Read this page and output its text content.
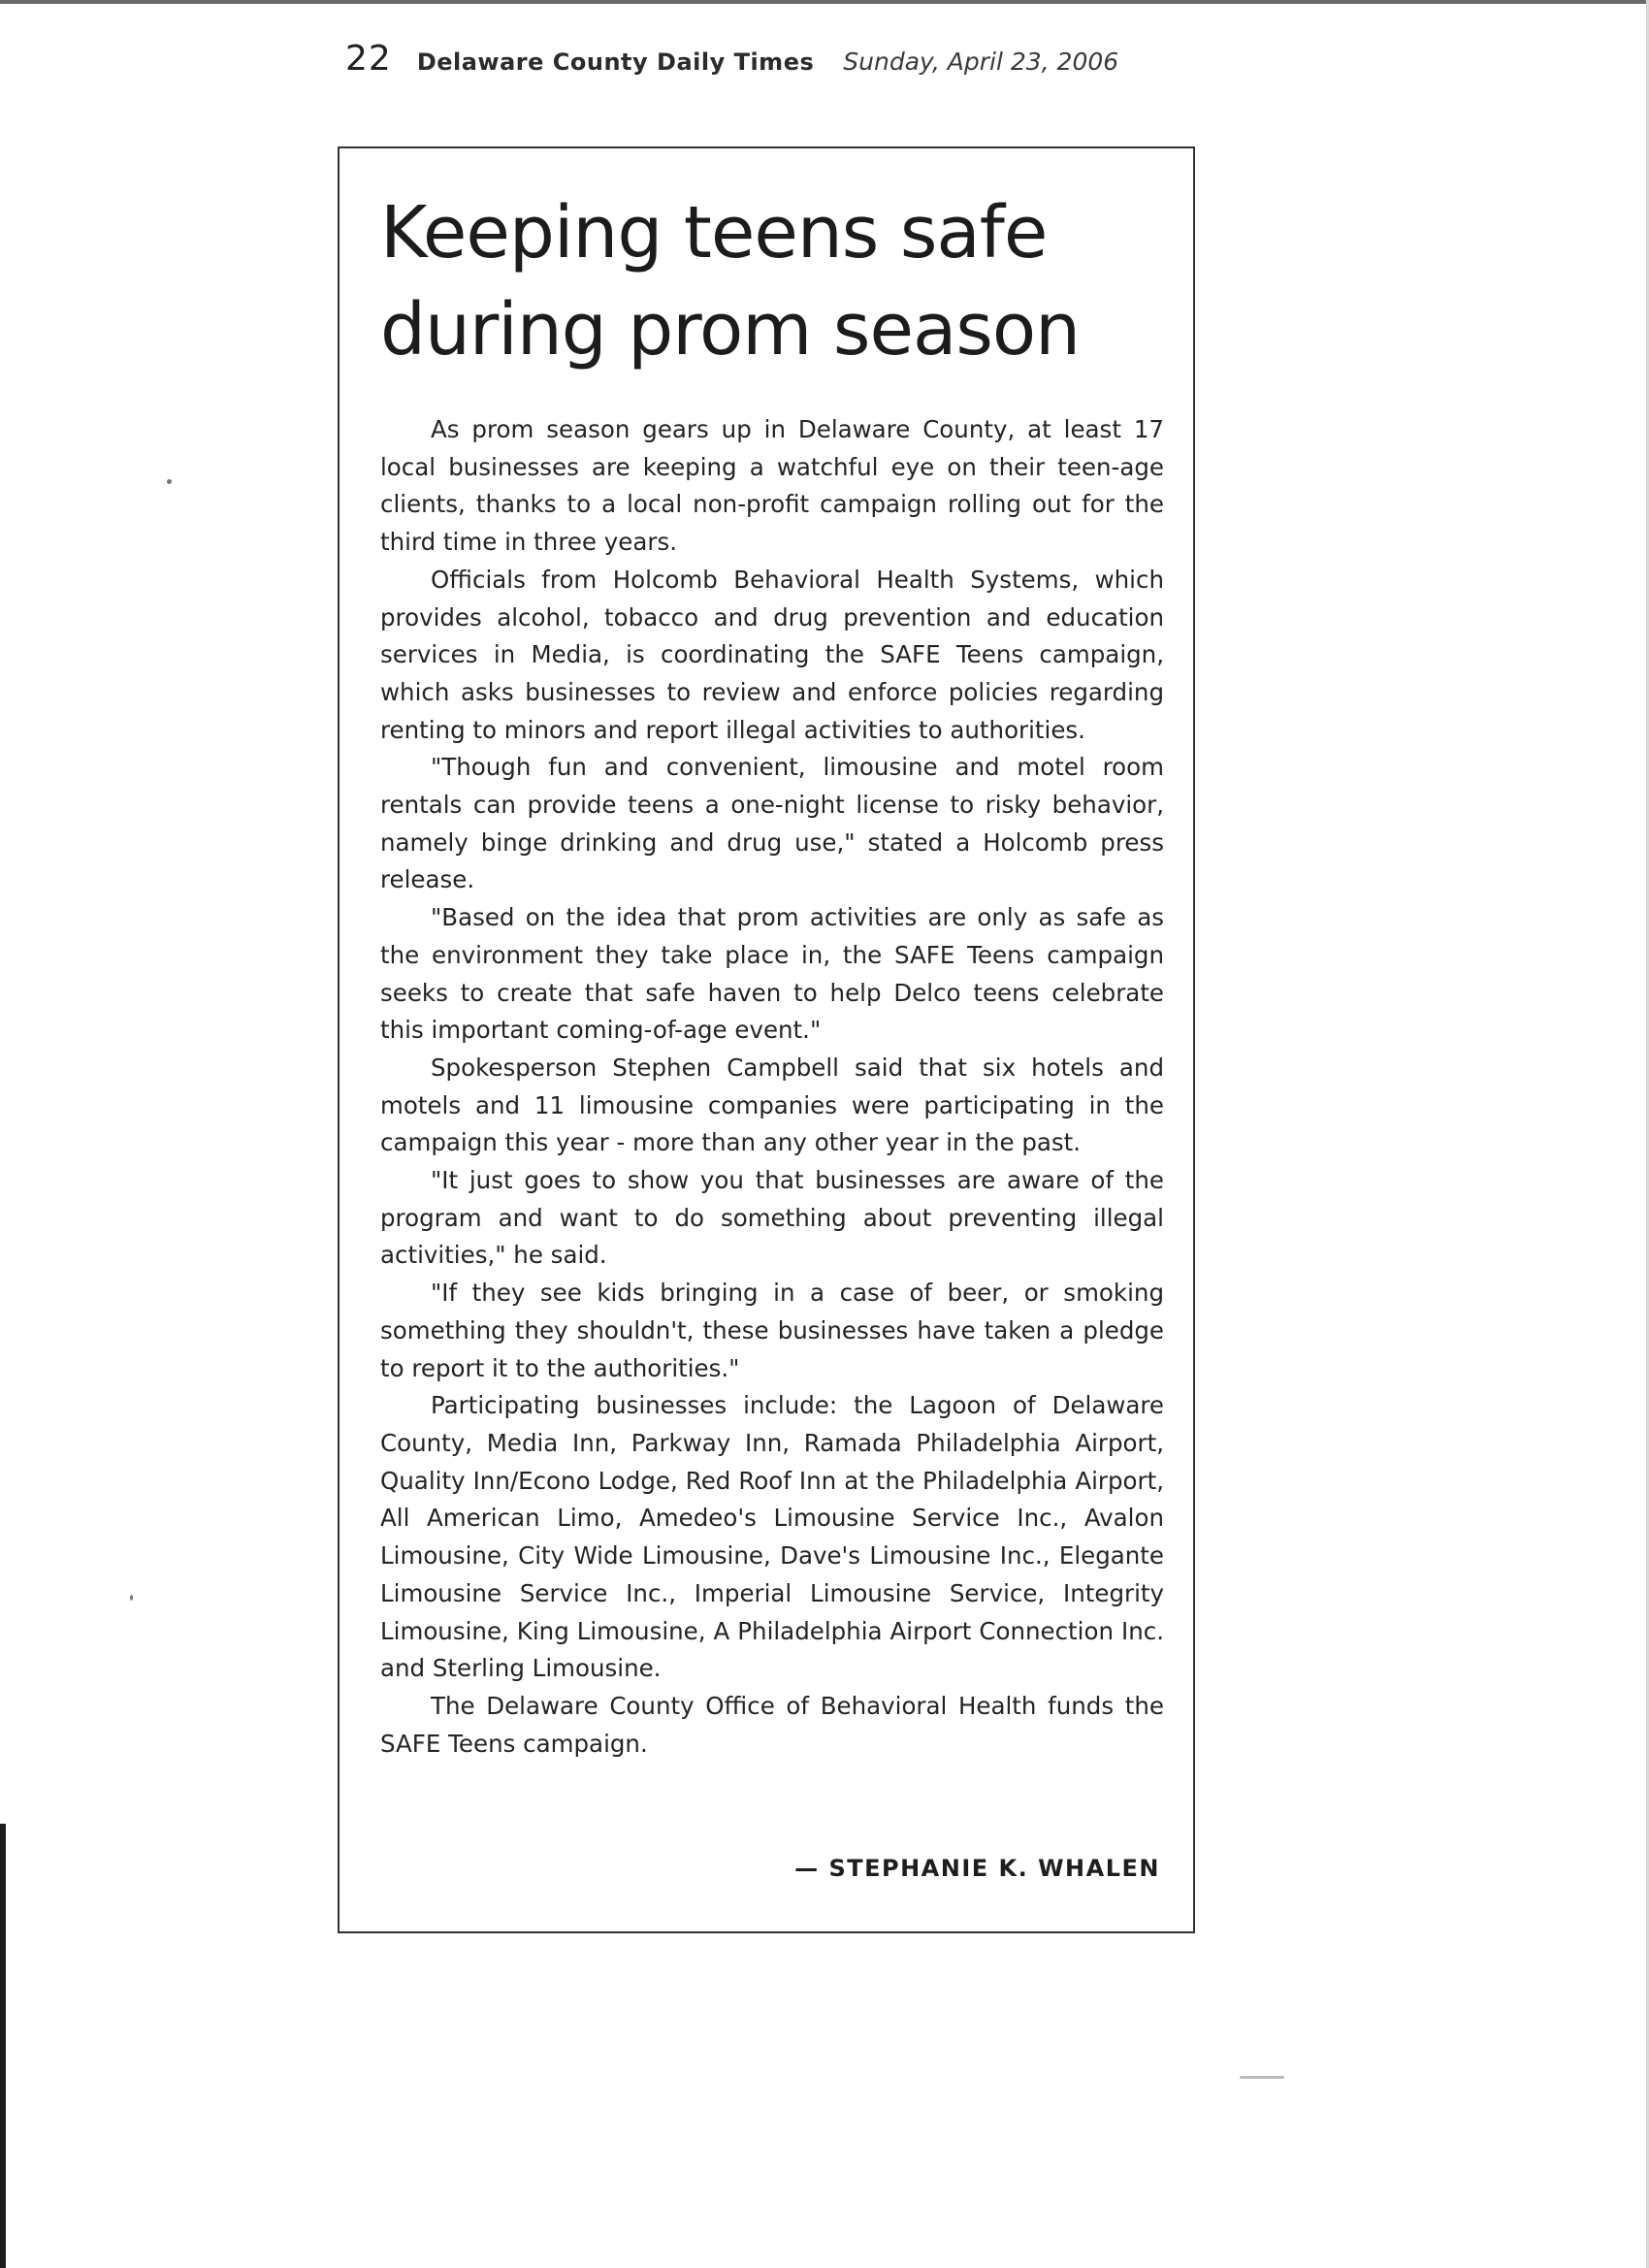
22 Delaware County Daily Times Sunday, April 23, 2006
Keeping teens safe during prom season

As prom season gears up in Delaware County, at least 17 local businesses are keeping a watchful eye on their teen-age clients, thanks to a local non-profit campaign rolling out for the third time in three years.

Officials from Holcomb Behavioral Health Systems, which provides alcohol, tobacco and drug prevention and education services in Media, is coordinating the SAFE Teens campaign, which asks businesses to review and enforce policies regarding renting to minors and report illegal activities to authorities.

"Though fun and convenient, limousine and motel room rentals can provide teens a one-night license to risky behavior, namely binge drinking and drug use," stated a Holcomb press release.

"Based on the idea that prom activities are only as safe as the environment they take place in, the SAFE Teens campaign seeks to create that safe haven to help Delco teens celebrate this important coming-of-age event."

Spokesperson Stephen Campbell said that six hotels and motels and 11 limousine companies were participating in the campaign this year - more than any other year in the past.

"It just goes to show you that businesses are aware of the program and want to do something about preventing illegal activities," he said.

"If they see kids bringing in a case of beer, or smoking something they shouldn't, these businesses have taken a pledge to report it to the authorities."

Participating businesses include: the Lagoon of Delaware County, Media Inn, Parkway Inn, Ramada Philadelphia Airport, Quality Inn/Econo Lodge, Red Roof Inn at the Philadelphia Airport, All American Limo, Amedeo's Limousine Service Inc., Avalon Limousine, City Wide Limousine, Dave's Limousine Inc., Elegante Limousine Service Inc., Imperial Limousine Service, Integrity Limousine, King Limousine, A Philadelphia Airport Connection Inc. and Sterling Limousine.

The Delaware County Office of Behavioral Health funds the SAFE Teens campaign.

— STEPHANIE K. WHALEN
